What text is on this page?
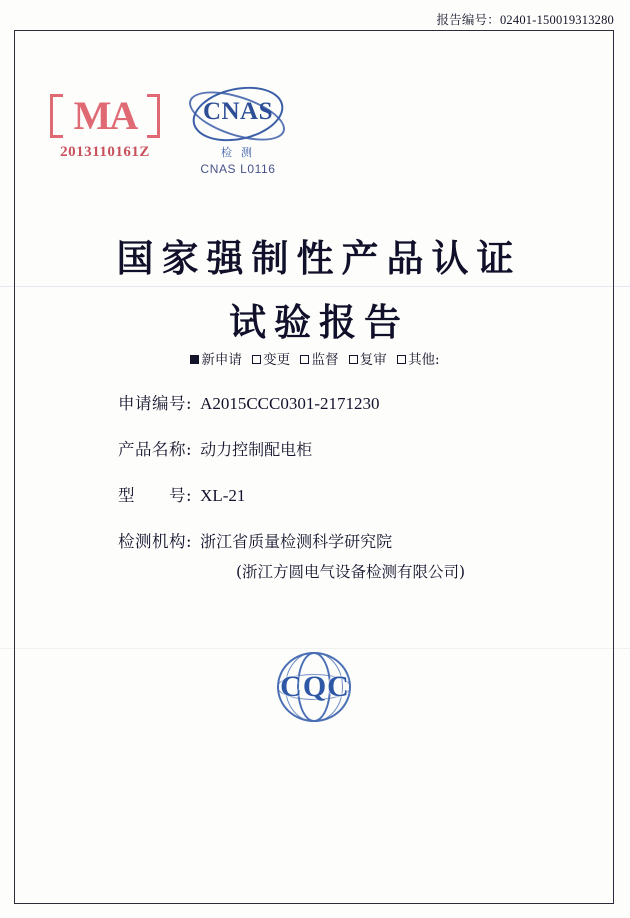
报告编号：02401-150019313280
MA
2013110161Z
CNAS
检 测
CNAS L0116
国家强制性产品认证
试验报告
新申请 变更 监督 复审 其他:
申请编号: A2015CCC0301-2171230
产品名称: 动力控制配电柜
型　　号: XL-21
检测机构: 浙江省质量检测科学研究院
(浙江方圆电气设备检测有限公司)
CQC
